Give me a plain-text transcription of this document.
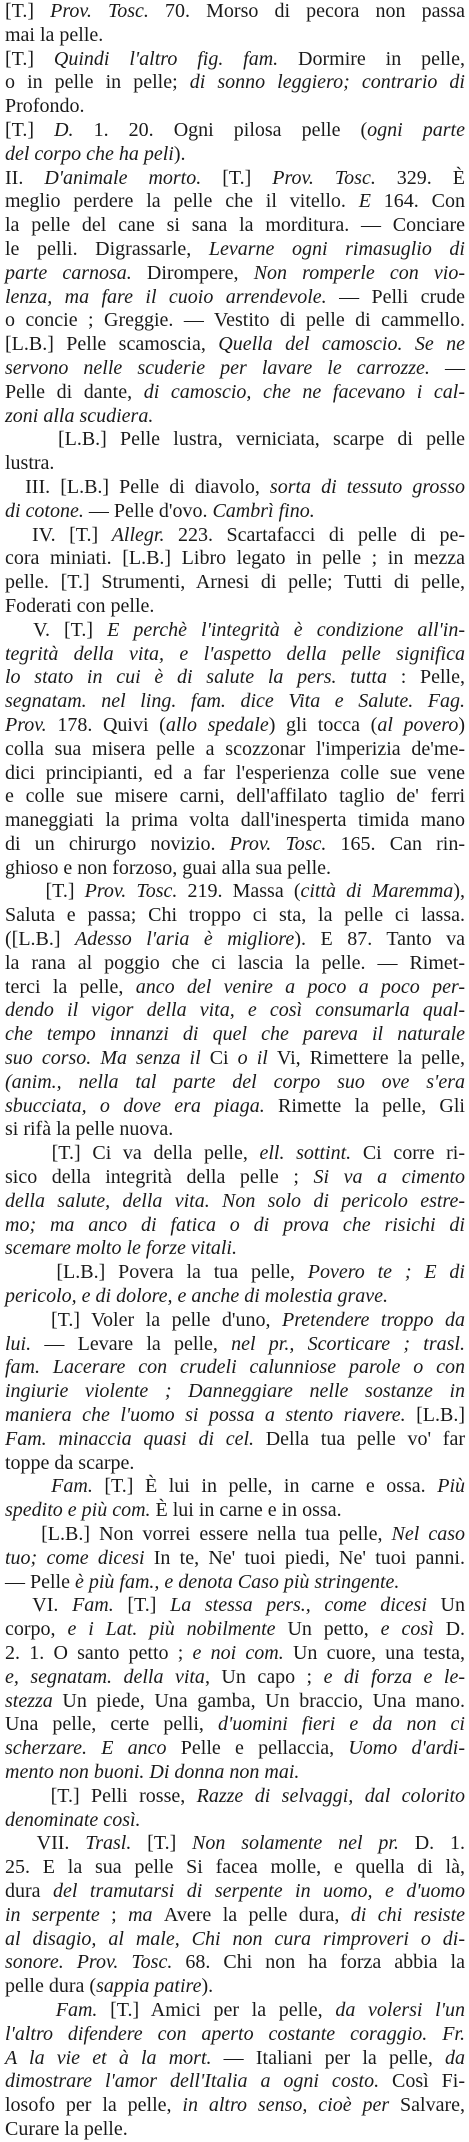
[T.] Prov. Tosc. 70. Morso di pecora non passa
mai la pelle.
[T.] Quindi l'altro fig. fam. Dormire in pelle,
o in pelle in pelle; di sonno leggiero; contrario di
Profondo.
[T.] D. 1. 20. Ogni pilosa pelle (ogni parte
del corpo che ha peli).
II. D'animale morto. [T.] Prov. Tosc. 329. È
meglio perdere la pelle che il vitello. E 164. Con
la pelle del cane si sana la morditura. — Conciare
le pelli. Digrassarle, Levarne ogni rimasuglio di
parte carnosa. Dirompere, Non romperle con vio-
lenza, ma fare il cuoio arrendevole. — Pelli crude
o concie ; Greggie. — Vestito di pelle di cammello.
[L.B.] Pelle scamoscia, Quella del camoscio. Se ne
servono nelle scuderie per lavare le carrozze. —
Pelle di dante, di camoscio, che ne facevano i cal-
zoni alla scudiera.
[L.B.] Pelle lustra, verniciata, scarpe di pelle
lustra.
III. [L.B.] Pelle di diavolo, sorta di tessuto grosso
di cotone. — Pelle d'ovo. Cambrì fino.
IV. [T.] Allegr. 223. Scartafacci di pelle di pe-
cora miniati. [L.B.] Libro legato in pelle ; in mezza
pelle. [T.] Strumenti, Arnesi di pelle; Tutti di pelle,
Foderati con pelle.
V. [T.] E perchè l'integrità è condizione all'in-
tegrità della vita, e l'aspetto della pelle significa
lo stato in cui è di salute la pers. tutta : Pelle,
segnatam. nel ling. fam. dice Vita e Salute. Fag.
Prov. 178. Quivi (allo spedale) gli tocca (al povero)
colla sua misera pelle a scozzonar l'imperizia de'me-
dici principianti, ed a far l'esperienza colle sue vene
e colle sue misere carni, dell'affilato taglio de' ferri
maneggiati la prima volta dall'inesperta timida mano
di un chirurgo novizio. Prov. Tosc. 165. Can rin-
ghioso e non forzoso, guai alla sua pelle.
[T.] Prov. Tosc. 219. Massa (città di Maremma),
Saluta e passa; Chi troppo ci sta, la pelle ci lassa.
([L.B.] Adesso l'aria è migliore). E 87. Tanto va
la rana al poggio che ci lascia la pelle. — Rimet-
terci la pelle, anco del venire a poco a poco per-
dendo il vigor della vita, e così consumarla qual-
che tempo innanzi di quel che pareva il naturale
suo corso. Ma senza il Ci o il Vi, Rimettere la pelle,
(anim., nella tal parte del corpo suo ove s'era
sbucciata, o dove era piaga. Rimette la pelle, Gli
si rifà la pelle nuova.
[T.] Ci va della pelle, ell. sottint. Ci corre ri-
sico della integrità della pelle ; Si va a cimento
della salute, della vita. Non solo di pericolo estre-
mo; ma anco di fatica o di prova che risichi di
scemare molto le forze vitali.
[L.B.] Povera la tua pelle, Povero te ; E di
pericolo, e di dolore, e anche di molestia grave.
[T.] Voler la pelle d'uno, Pretendere troppo da
lui. — Levare la pelle, nel pr., Scorticare ; trasl.
fam. Lacerare con crudeli calunniose parole o con
ingiurie violente ; Danneggiare nelle sostanze in
maniera che l'uomo si possa a stento riavere. [L.B.]
Fam. minaccia quasi di cel. Della tua pelle vo' far
toppe da scarpe.
Fam. [T.] È lui in pelle, in carne e ossa. Più
spedito e più com. È lui in carne e in ossa.
[L.B.] Non vorrei essere nella tua pelle, Nel caso
tuo; come dicesi In te, Ne' tuoi piedi, Ne' tuoi panni.
— Pelle è più fam., e denota Caso più stringente.
VI. Fam. [T.] La stessa pers., come dicesi Un
corpo, e i Lat. più nobilmente Un petto, e così D.
2. 1. O santo petto ; e noi com. Un cuore, una testa,
e, segnatam. della vita, Un capo ; e di forza e le-
stezza Un piede, Una gamba, Un braccio, Una mano.
Una pelle, certe pelli, d'uomini fieri e da non ci
scherzare. E anco Pelle e pellaccia, Uomo d'ardi-
mento non buoni. Di donna non mai.
[T.] Pelli rosse, Razze di selvaggi, dal colorito
denominate così.
VII. Trasl. [T.] Non solamente nel pr. D. 1.
25. E la sua pelle Si facea molle, e quella di là,
dura del tramutarsi di serpente in uomo, e d'uomo
in serpente ; ma Avere la pelle dura, di chi resiste
al disagio, al male, Chi non cura rimproveri o di-
sonore. Prov. Tosc. 68. Chi non ha forza abbia la
pelle dura (sappia patire).
Fam. [T.] Amici per la pelle, da volersi l'un
l'altro difendere con aperto costante coraggio. Fr.
A la vie et à la mort. — Italiani per la pelle, da
dimostrare l'amor dell'Italia a ogni costo. Così Fi-
losofo per la pelle, in altro senso, cioè per Salvare,
Curare la pelle.
